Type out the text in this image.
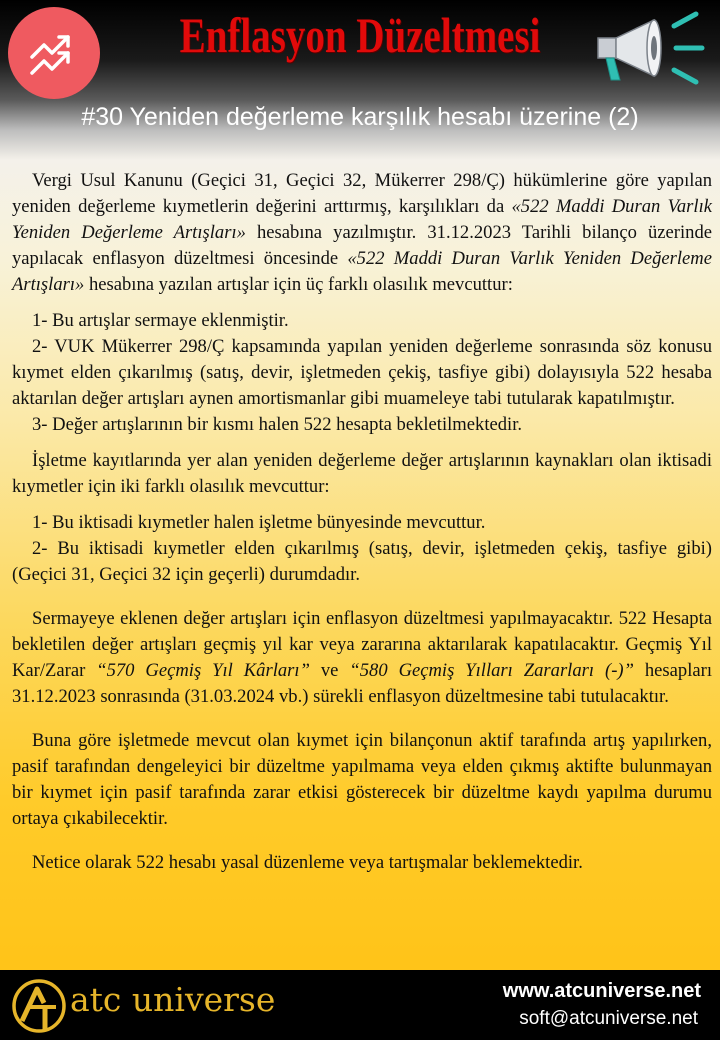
Enflasyon Düzeltmesi
#30 Yeniden değerleme karşılık hesabı üzerine (2)

Vergi Usul Kanunu (Geçici 31, Geçici 32, Mükerrer 298/Ç) hükümlerine göre yapılan yeniden değerleme kıymetlerin değerini arttırmış, karşılıkları da «522 Maddi Duran Varlık Yeniden Değerleme Artışları» hesabına yazılmıştır. 31.12.2023 Tarihli bilanço üzerinde yapılacak enflasyon düzeltmesi öncesinde «522 Maddi Duran Varlık Yeniden Değerleme Artışları» hesabına yazılan artışlar için üç farklı olasılık mevcuttur:

1- Bu artışlar sermaye eklenmiştir.

2- VUK Mükerrer 298/Ç kapsamında yapılan yeniden değerleme sonrasında söz konusu kıymet elden çıkarılmış (satış, devir, işletmeden çekiş, tasfiye gibi) dolayısıyla 522 hesaba aktarılan değer artışları aynen amortismanlar gibi muameleye tabi tutularak kapatılmıştır.

3- Değer artışlarının bir kısmı halen 522 hesapta bekletilmektedir.

İşletme kayıtlarında yer alan yeniden değerleme değer artışlarının kaynakları olan iktisadi kıymetler için iki farklı olasılık mevcuttur:

1- Bu iktisadi kıymetler halen işletme bünyesinde mevcuttur.

2- Bu iktisadi kıymetler elden çıkarılmış (satış, devir, işletmeden çekiş, tasfiye gibi) (Geçici 31, Geçici 32 için geçerli) durumdadır.

Sermayeye eklenen değer artışları için enflasyon düzeltmesi yapılmayacaktır. 522 Hesapta bekletilen değer artışları geçmiş yıl kar veya zararına aktarılarak kapatılacaktır. Geçmiş Yıl Kar/Zarar “570 Geçmiş Yıl Kârları” ve “580 Geçmiş Yılları Zararları (-)” hesapları 31.12.2023 sonrasında (31.03.2024 vb.) sürekli enflasyon düzeltmesine tabi tutulacaktır.

Buna göre işletmede mevcut olan kıymet için bilançonun aktif tarafında artış yapılırken, pasif tarafından dengeleyici bir düzeltme yapılmama veya elden çıkmış aktifte bulunmayan bir kıymet için pasif tarafında zarar etkisi gösterecek bir düzeltme kaydı yapılma durumu ortaya çıkabilecektir.

Netice olarak 522 hesabı yasal düzenleme veya tartışmalar beklemektedir.

atc universe	www.atcuniverse.net
soft@atcuniverse.net
